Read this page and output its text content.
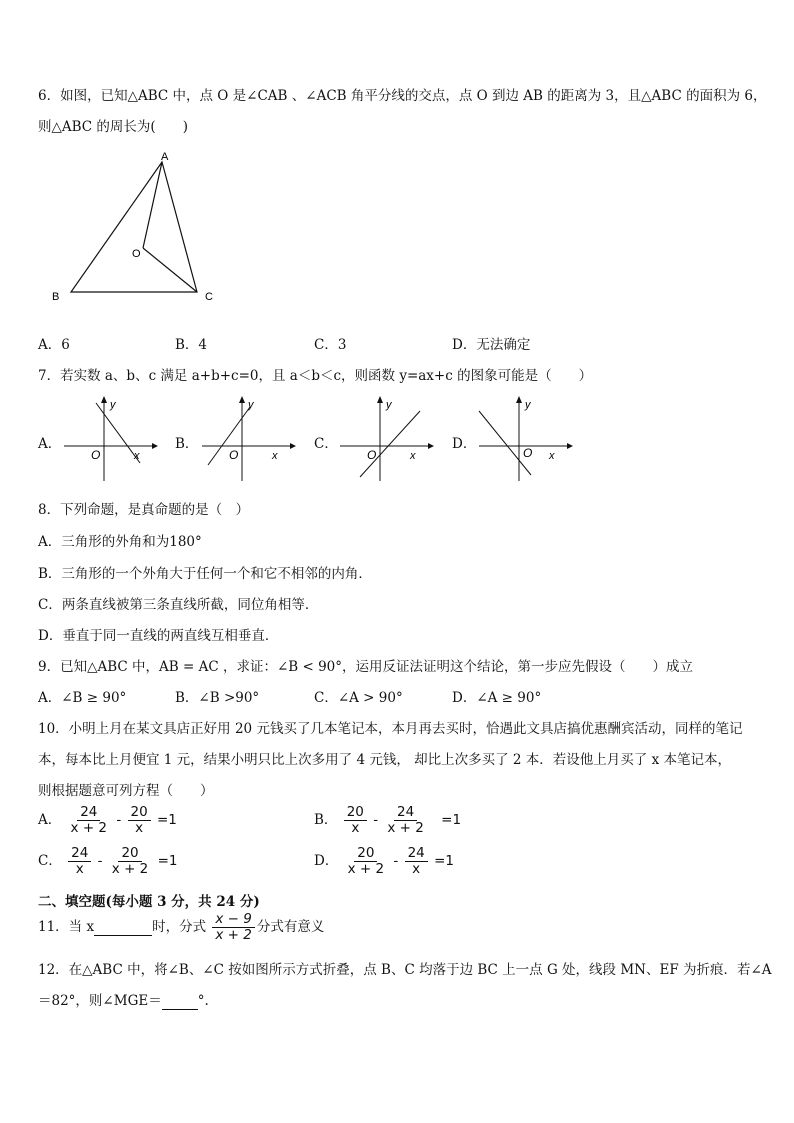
6．如图，已知△ABC 中，点 O 是∠CAB 、∠ACB 角平分线的交点，点 O 到边 AB 的距离为 3，且△ABC 的面积为 6，
则△ABC 的周长为(　　)
A
B	C
O
A．6	B．4	C．3	D．无法确定
7．若实数 a、b、c 满足 a+b+c=0，且 a＜b＜c，则函数 y=ax+c 的图象可能是（　　）
A．
y
x
O
B．
y
x
O
C．
y
x
O
D．
y
x
O
8．下列命题，是真命题的是（　）
A．三角形的外角和为180°
B．三角形的一个外角大于任何一个和它不相邻的内角．
C．两条直线被第三条直线所截，同位角相等．
D．垂直于同一直线的两直线互相垂直．
9．已知△ABC 中，AB = AC ，求证：∠B < 90°，运用反证法证明这个结论，第一步应先假设（　　）成立
A．∠B ≥ 90°	B．∠B >90°	C．∠A > 90°	D．∠A ≥ 90°
10．小明上月在某文具店正好用 20 元钱买了几本笔记本，本月再去买时，恰遇此文具店搞优惠酬宾活动，同样的笔记
本，每本比上月便宜 1 元，结果小明只比上次多用了 4 元钱， 却比上次多买了 2 本．若设他上月买了 x 本笔记本，
则根据题意可列方程（　　）
A． $\frac{24}{x + 2} - \frac{20}{x} =1$	B． $\frac{20}{x} - \frac{24}{x + 2} =1$
C． $\frac{24}{x} - \frac{20}{x + 2} =1$	D． $\frac{20}{x + 2} - \frac{24}{x} =1$
二、填空题(每小题 3 分，共 24 分)
11．当 x	时，分式 $\frac{x - 9}{x + 2}$ 分式有意义
12．在△ABC 中，将∠B、∠C 按如图所示方式折叠，点 B、C 均落于边 BC 上一点 G 处，线段 MN、EF 为折痕．若∠A
＝82°，则∠MGE＝	°.
